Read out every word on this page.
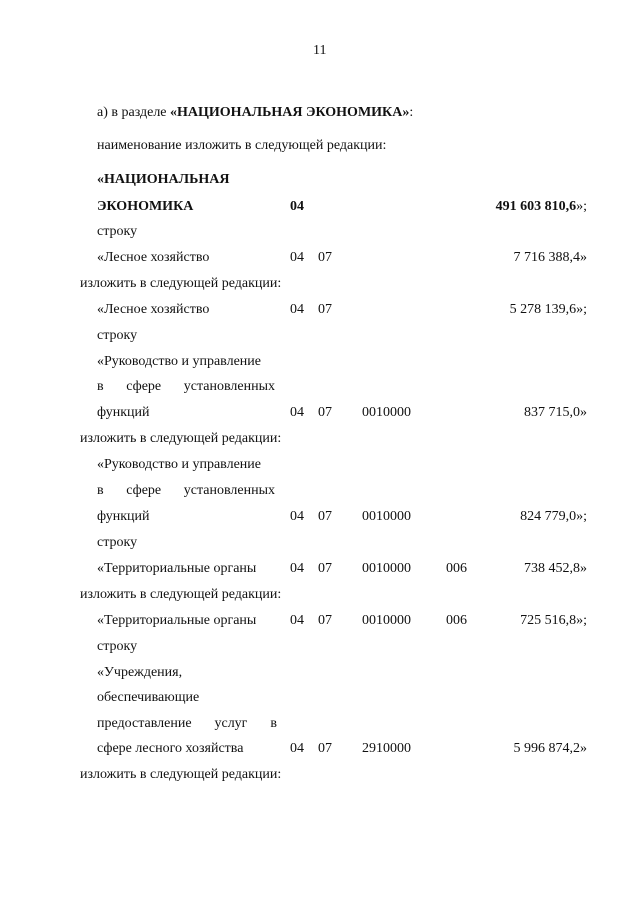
11
а) в разделе «НАЦИОНАЛЬНАЯ ЭКОНОМИКА»:
наименование изложить в следующей редакции:
«НАЦИОНАЛЬНАЯ
ЭКОНОМИКА	04	491 603 810,6»;
строку
«Лесное хозяйство	04 07	7 716 388,4»
изложить в следующей редакции:
«Лесное хозяйство	04 07	5 278 139,6»;
строку
«Руководство и управление
в сфере установленных
функций	04 07 0010000	837 715,0»
изложить в следующей редакции:
«Руководство и управление
в сфере установленных
функций	04 07 0010000	824 779,0»;
строку
«Территориальные органы 04 07 0010000	006	738 452,8»
изложить в следующей редакции:
«Территориальные органы 04 07 0010000	006	725 516,8»;
строку
«Учреждения,
обеспечивающие
предоставление услуг в
сфере лесного хозяйства	04 07 2910000	5 996 874,2»
изложить в следующей редакции:
